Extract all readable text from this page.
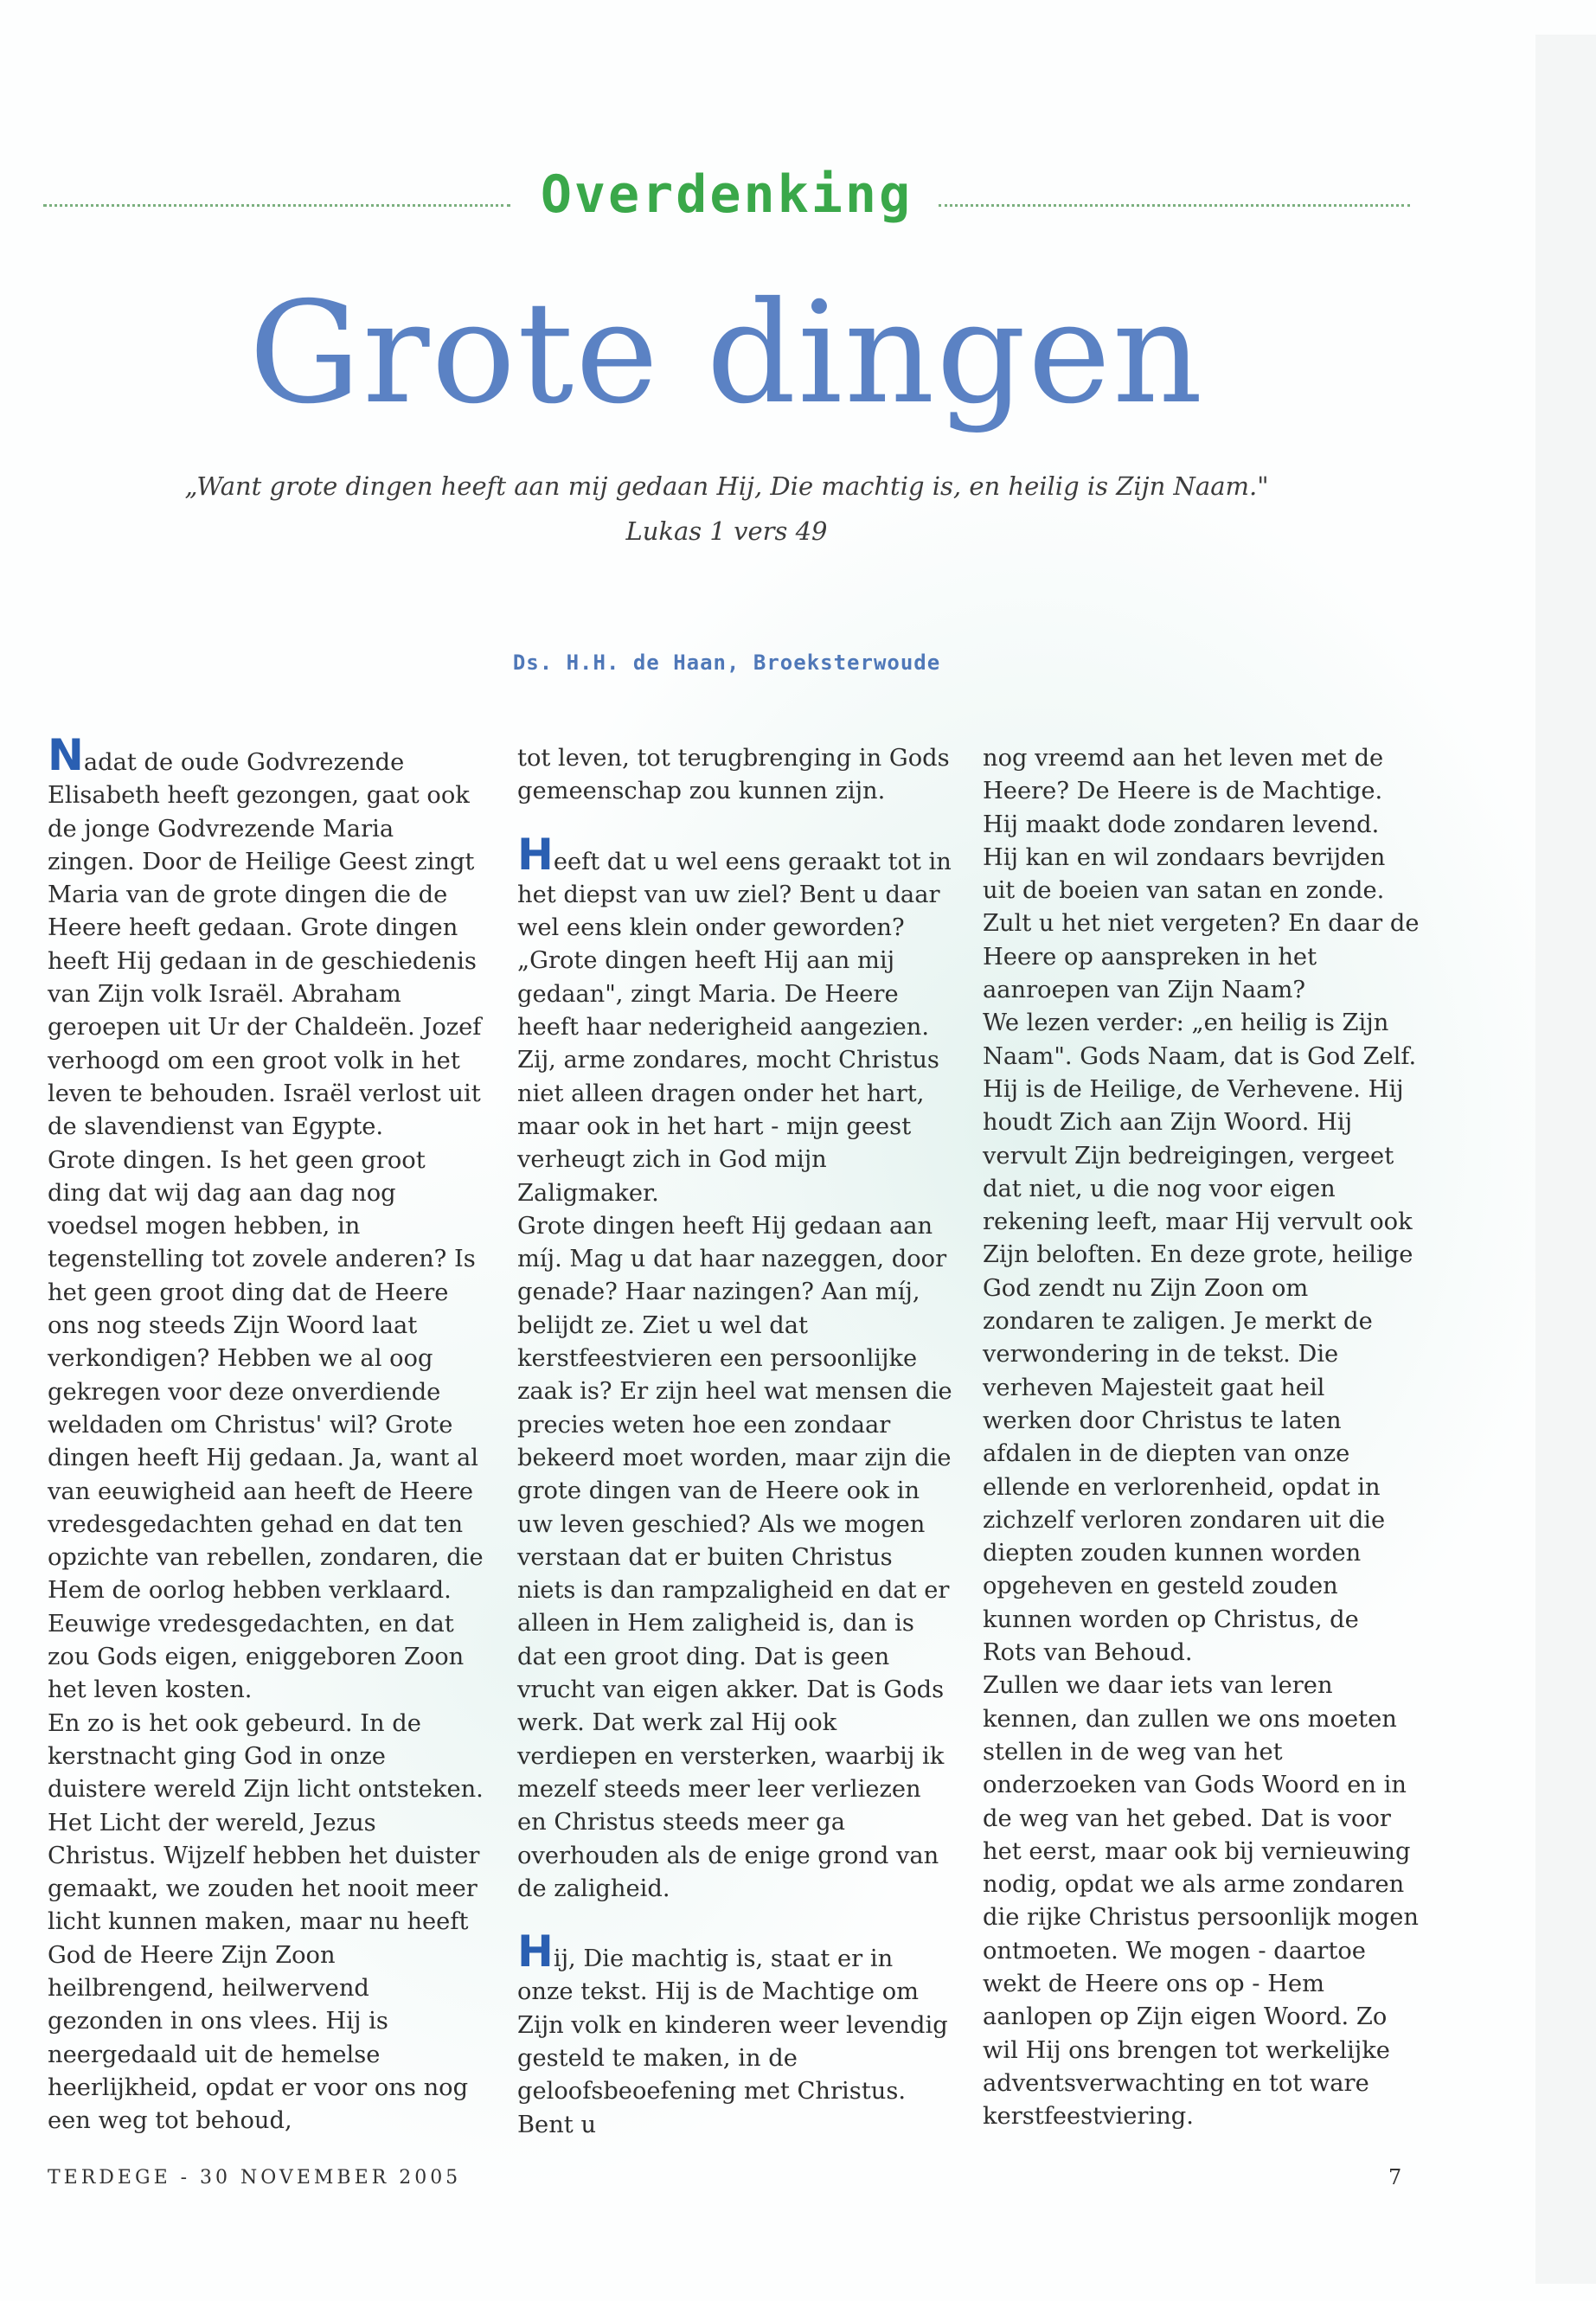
Overdenking
Grote dingen
„Want grote dingen heeft aan mij gedaan Hij, Die machtig is, en heilig is Zijn Naam."
Lukas 1 vers 49
Ds. H.H. de Haan, Broeksterwoude

Nadat de oude Godvrezende Elisabeth heeft gezongen, gaat ook de jonge Godvrezende Maria zingen. Door de Heilige Geest zingt Maria van de grote dingen die de Heere heeft gedaan. Grote dingen heeft Hij gedaan in de geschiedenis van Zijn volk Israël. Abraham geroepen uit Ur der Chaldeën. Jozef verhoogd om een groot volk in het leven te behouden. Israël verlost uit de slavendienst van Egypte.

Grote dingen. Is het geen groot ding dat wij dag aan dag nog voedsel mogen hebben, in tegenstelling tot zovele anderen? Is het geen groot ding dat de Heere ons nog steeds Zijn Woord laat verkondigen? Hebben we al oog gekregen voor deze onverdiende weldaden om Christus' wil? Grote dingen heeft Hij gedaan. Ja, want al van eeuwigheid aan heeft de Heere vredesgedachten gehad en dat ten opzichte van rebellen, zondaren, die Hem de oorlog hebben verklaard. Eeuwige vredesgedachten, en dat zou Gods eigen, eniggeboren Zoon het leven kosten.

En zo is het ook gebeurd. In de kerstnacht ging God in onze duistere wereld Zijn licht ontsteken. Het Licht der wereld, Jezus Christus. Wijzelf hebben het duister gemaakt, we zouden het nooit meer licht kunnen maken, maar nu heeft God de Heere Zijn Zoon heilbrengend, heilwervend gezonden in ons vlees. Hij is neergedaald uit de hemelse heerlijkheid, opdat er voor ons nog een weg tot behoud,

tot leven, tot terugbrenging in Gods gemeenschap zou kunnen zijn.

Heeft dat u wel eens geraakt tot in het diepst van uw ziel? Bent u daar wel eens klein onder geworden? „Grote dingen heeft Hij aan mij gedaan", zingt Maria. De Heere heeft haar nederigheid aangezien. Zij, arme zondares, mocht Christus niet alleen dragen onder het hart, maar ook in het hart - mijn geest verheugt zich in God mijn Zaligmaker.

Grote dingen heeft Hij gedaan aan míj. Mag u dat haar nazeggen, door genade? Haar nazingen? Aan míj, belijdt ze. Ziet u wel dat kerstfeestvieren een persoonlijke zaak is? Er zijn heel wat mensen die precies weten hoe een zondaar bekeerd moet worden, maar zijn die grote dingen van de Heere ook in uw leven geschied? Als we mogen verstaan dat er buiten Christus niets is dan rampzaligheid en dat er alleen in Hem zaligheid is, dan is dat een groot ding. Dat is geen vrucht van eigen akker. Dat is Gods werk. Dat werk zal Hij ook verdiepen en versterken, waarbij ik mezelf steeds meer leer verliezen en Christus steeds meer ga overhouden als de enige grond van de zaligheid.

Hij, Die machtig is, staat er in onze tekst. Hij is de Machtige om Zijn volk en kinderen weer levendig gesteld te maken, in de geloofsbeoefening met Christus. Bent u

nog vreemd aan het leven met de Heere? De Heere is de Machtige. Hij maakt dode zondaren levend. Hij kan en wil zondaars bevrijden uit de boeien van satan en zonde. Zult u het niet vergeten? En daar de Heere op aanspreken in het aanroepen van Zijn Naam?

We lezen verder: „en heilig is Zijn Naam". Gods Naam, dat is God Zelf. Hij is de Heilige, de Verhevene. Hij houdt Zich aan Zijn Woord. Hij vervult Zijn bedreigingen, vergeet dat niet, u die nog voor eigen rekening leeft, maar Hij vervult ook Zijn beloften. En deze grote, heilige God zendt nu Zijn Zoon om zondaren te zaligen. Je merkt de verwondering in de tekst. Die verheven Majesteit gaat heil werken door Christus te laten afdalen in de diepten van onze ellende en verlorenheid, opdat in zichzelf verloren zondaren uit die diepten zouden kunnen worden opgeheven en gesteld zouden kunnen worden op Christus, de Rots van Behoud.

Zullen we daar iets van leren kennen, dan zullen we ons moeten stellen in de weg van het onderzoeken van Gods Woord en in de weg van het gebed. Dat is voor het eerst, maar ook bij vernieuwing nodig, opdat we als arme zondaren die rijke Christus persoonlijk mogen ontmoeten. We mogen - daartoe wekt de Heere ons op - Hem aanlopen op Zijn eigen Woord. Zo wil Hij ons brengen tot werkelijke adventsverwachting en tot ware kerstfeestviering.

TERDEGE - 30 NOVEMBER 2005	7
